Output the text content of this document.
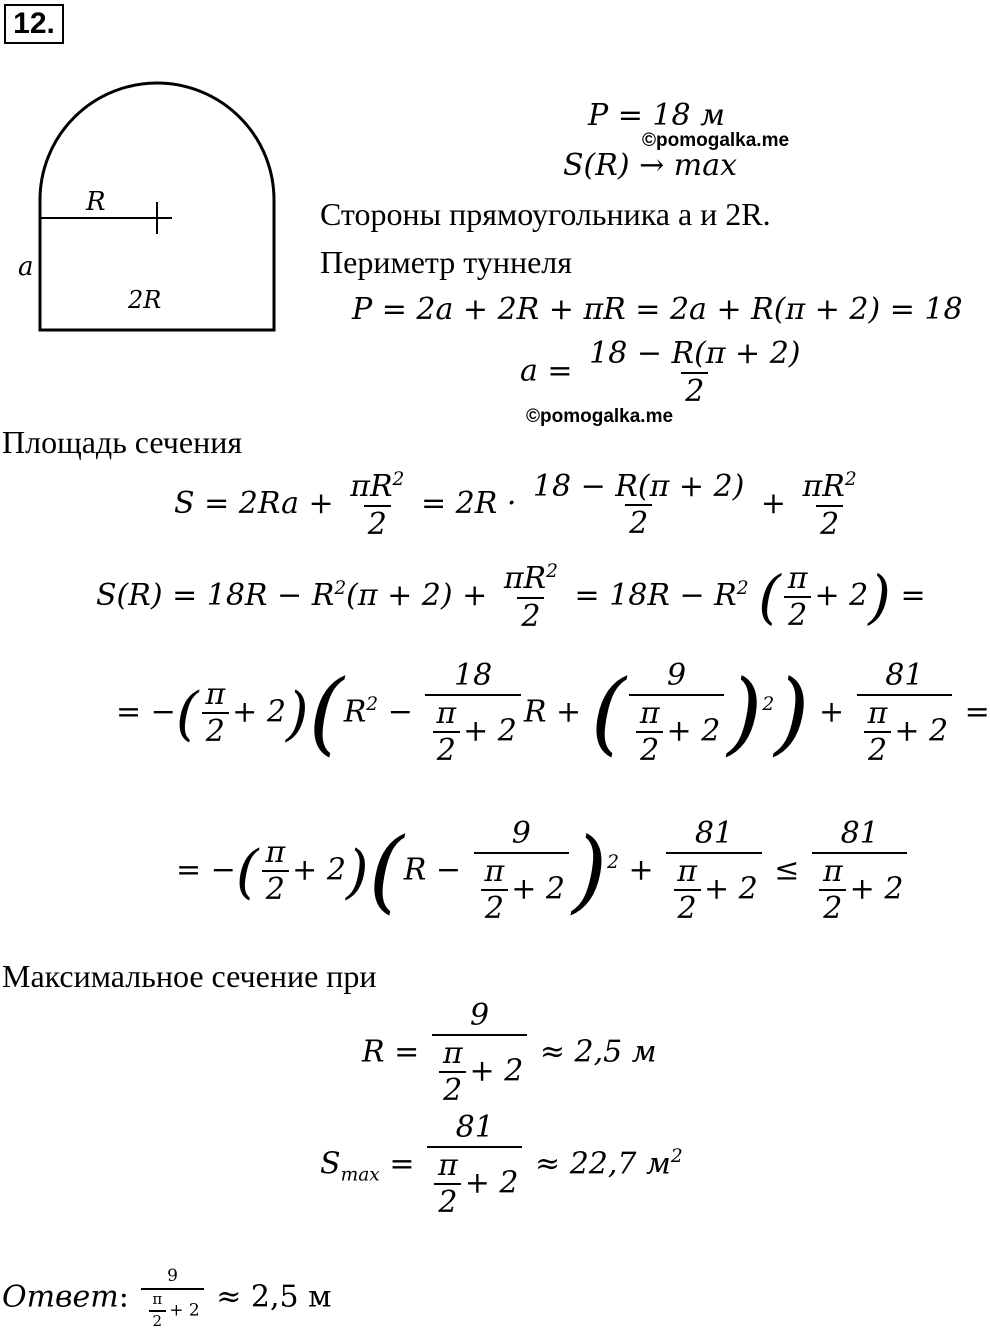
12.
R
a
2R
P = 18 м
©pomogalka.me
S(R) → max
Стороны прямоугольника a и 2R.
Периметр туннеля
P = 2a + 2R + πR = 2a + R(π + 2) = 18
$a = \frac{18 - R(\pi + 2)}{2}$
©pomogalka.me
Площадь сечения
$S = 2Ra + \frac{\pi R^2}{2} = 2R \cdot \frac{18 - R(\pi + 2)}{2} + \frac{\pi R^2}{2}$
$S(R) = 18R - R^2(\pi + 2) + \frac{\pi R^2}{2} = 18R - R^2$ ( $\frac{\pi}{2} + 2$) =
= −( $\frac{\pi}{2} + 2)(R^2 - \frac{18}{\frac{\pi}{2} + 2}$ R + ( $\frac{9}{\frac{\pi}{2} + 2} )^2) + \frac{81}{\frac{\pi}{2} + 2}$ =
= −( $\frac{\pi}{2} + 2)(R - \frac{9}{\frac{\pi}{2} + 2} )^2 + \frac{81}{\frac{\pi}{2} + 2} \le \frac{81}{\frac{\pi}{2} + 2}$
Максимальное сечение при
$R = \frac{9}{\frac{\pi}{2} + 2} \approx 2,5$ м
$S_{max} = \frac{81}{\frac{\pi}{2} + 2} \approx 22,7$ $м^2$
Ответ: $\frac{9}{\frac{\pi}{2} + 2} \approx 2,5$ м
